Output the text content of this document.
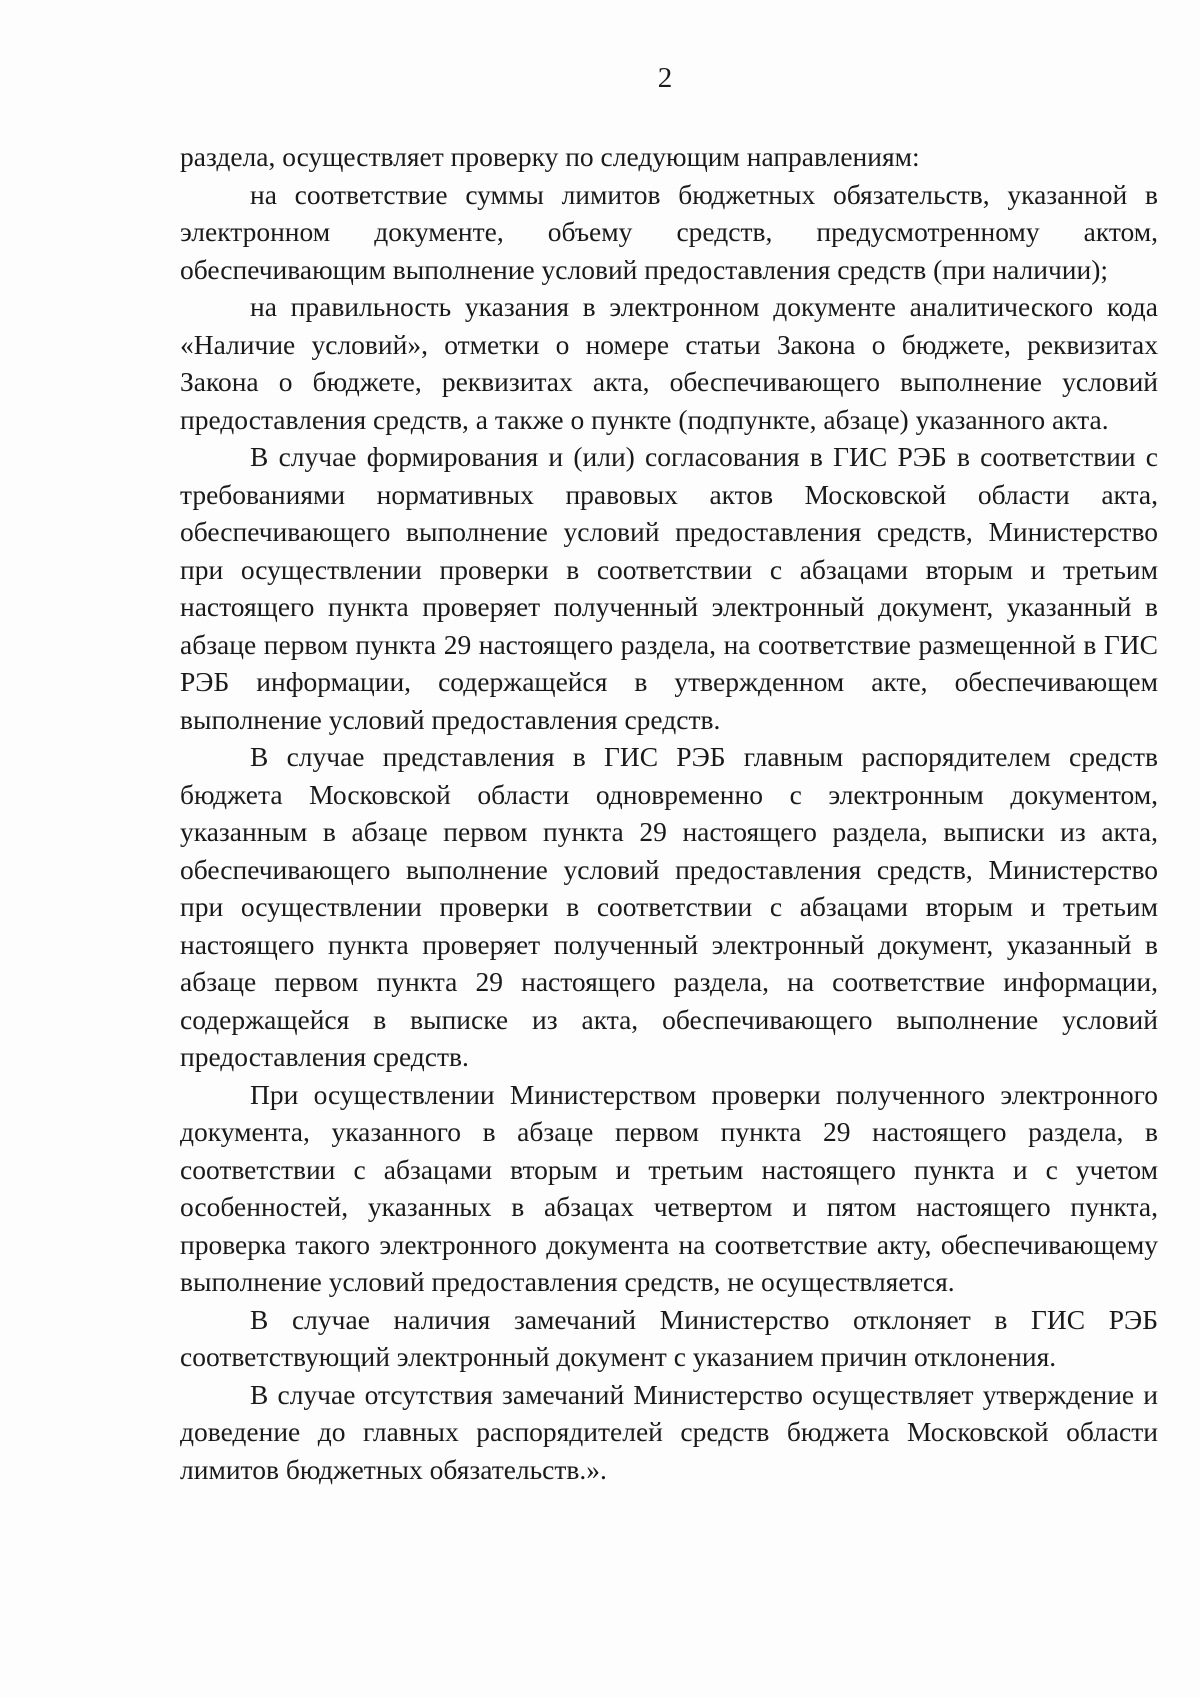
2

раздела, осуществляет проверку по следующим направлениям:

на соответствие суммы лимитов бюджетных обязательств, указанной в электронном документе, объему средств, предусмотренному актом, обеспечивающим выполнение условий предоставления средств (при наличии);

на правильность указания в электронном документе аналитического кода «Наличие условий», отметки о номере статьи Закона о бюджете, реквизитах Закона о бюджете, реквизитах акта, обеспечивающего выполнение условий предоставления средств, а также о пункте (подпункте, абзаце) указанного акта.

В случае формирования и (или) согласования в ГИС РЭБ в соответствии с требованиями нормативных правовых актов Московской области акта, обеспечивающего выполнение условий предоставления средств, Министерство при осуществлении проверки в соответствии с абзацами вторым и третьим настоящего пункта проверяет полученный электронный документ, указанный в абзаце первом пункта 29 настоящего раздела, на соответствие размещенной в ГИС РЭБ информации, содержащейся в утвержденном акте, обеспечивающем выполнение условий предоставления средств.

В случае представления в ГИС РЭБ главным распорядителем средств бюджета Московской области одновременно с электронным документом, указанным в абзаце первом пункта 29 настоящего раздела, выписки из акта, обеспечивающего выполнение условий предоставления средств, Министерство при осуществлении проверки в соответствии с абзацами вторым и третьим настоящего пункта проверяет полученный электронный документ, указанный в абзаце первом пункта 29 настоящего раздела, на соответствие информации, содержащейся в выписке из акта, обеспечивающего выполнение условий предоставления средств.

При осуществлении Министерством проверки полученного электронного документа, указанного в абзаце первом пункта 29 настоящего раздела, в соответствии с абзацами вторым и третьим настоящего пункта и с учетом особенностей, указанных в абзацах четвертом и пятом настоящего пункта, проверка такого электронного документа на соответствие акту, обеспечивающему выполнение условий предоставления средств, не осуществляется.

В случае наличия замечаний Министерство отклоняет в ГИС РЭБ соответствующий электронный документ с указанием причин отклонения.

В случае отсутствия замечаний Министерство осуществляет утверждение и доведение до главных распорядителей средств бюджета Московской области лимитов бюджетных обязательств.».
